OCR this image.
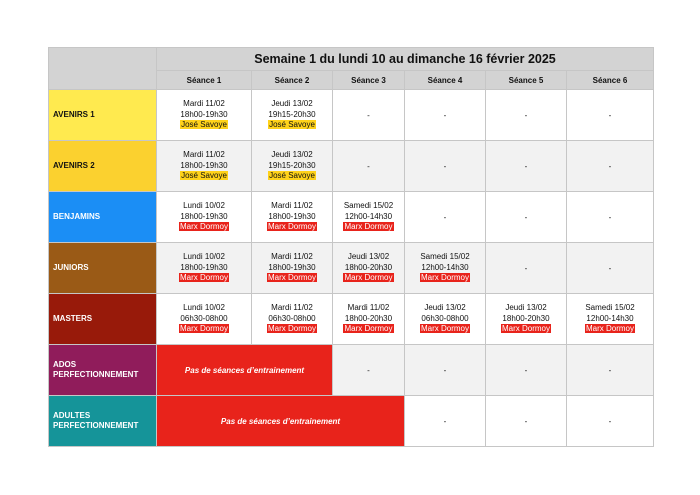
	Semaine 1 du lundi 10 au dimanche 16 février 2025					
	Séance 1	Séance 2	Séance 3	Séance 4	Séance 5	Séance 6
AVENIRS 1	Mardi 11/02
18h00-19h30
José Savoye	Jeudi 13/02
19h15-20h30
José Savoye	-	-	-	-
AVENIRS 2	Mardi 11/02
18h00-19h30
José Savoye	Jeudi 13/02
19h15-20h30
José Savoye	-	-	-	-
BENJAMINS	Lundi 10/02
18h00-19h30
Marx Dormoy	Mardi 11/02
18h00-19h30
Marx Dormoy	Samedi 15/02
12h00-14h30
Marx Dormoy	-	-	-
JUNIORS	Lundi 10/02
18h00-19h30
Marx Dormoy	Mardi 11/02
18h00-19h30
Marx Dormoy	Jeudi 13/02
18h00-20h30
Marx Dormoy	Samedi 15/02
12h00-14h30
Marx Dormoy	-	-
MASTERS	Lundi 10/02
06h30-08h00
Marx Dormoy	Mardi 11/02
06h30-08h00
Marx Dormoy	Mardi 11/02
18h00-20h30
Marx Dormoy	Jeudi 13/02
06h30-08h00
Marx Dormoy	Jeudi 13/02
18h00-20h30
Marx Dormoy	Samedi 15/02
12h00-14h30
Marx Dormoy

ADOS
PERFECTIONNEMENT	Pas de séances d’entrainement		-	-	-	-

ADULTES
PERFECTIONNEMENT	Pas de séances d’entrainement			-	-	-
